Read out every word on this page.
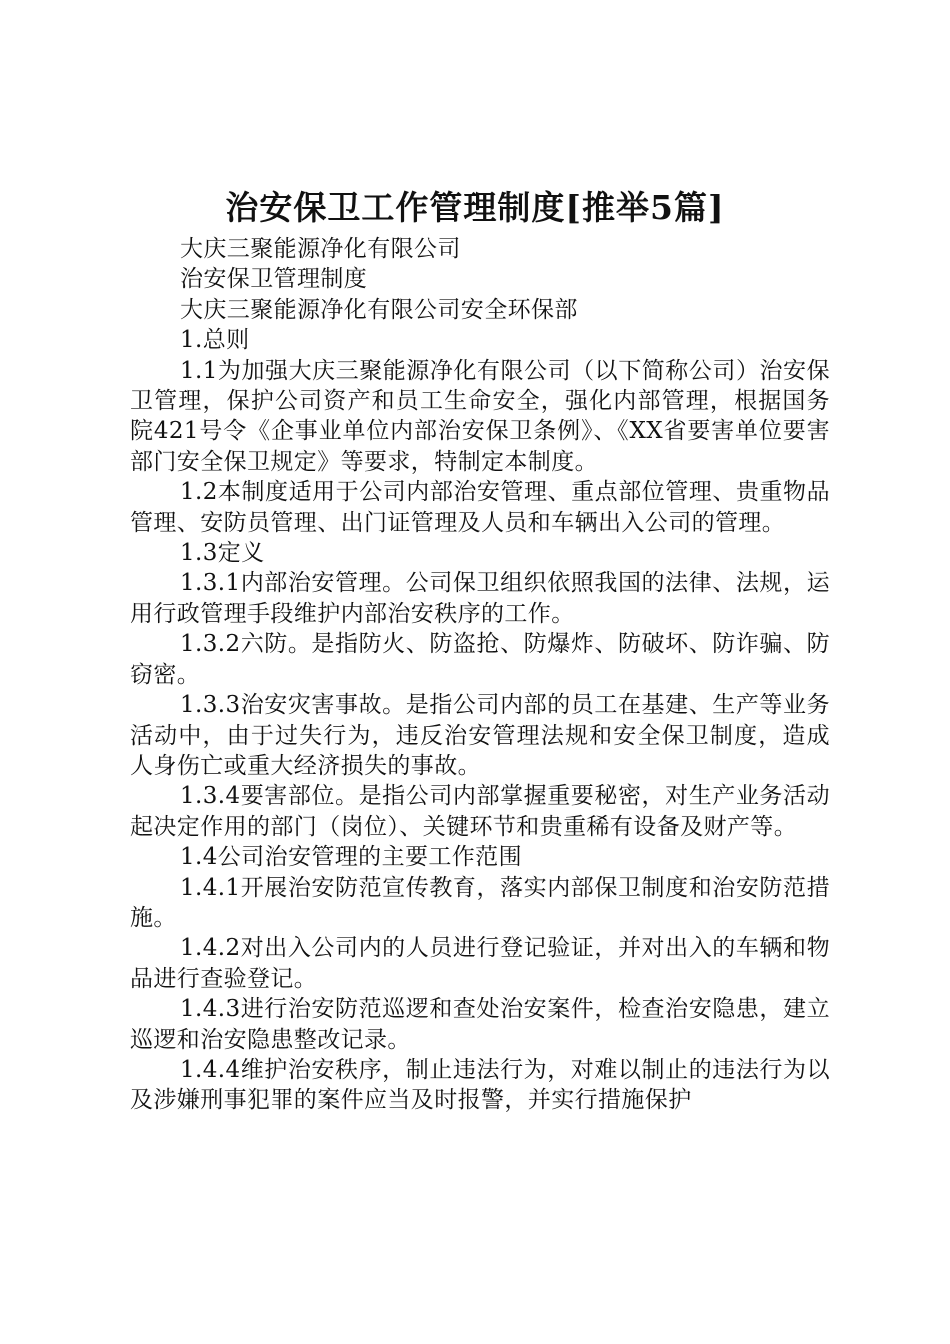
治安保卫工作管理制度[推举5篇]

大庆三聚能源净化有限公司

治安保卫管理制度

大庆三聚能源净化有限公司安全环保部

1.总则

1.1为加强大庆三聚能源净化有限公司（以下简称公司）治安保卫管理，保护公司资产和员工生命安全，强化内部管理，根据国务院421号令《企事业单位内部治安保卫条例》、《XX省要害单位要害部门安全保卫规定》等要求，特制定本制度。

1.2本制度适用于公司内部治安管理、重点部位管理、贵重物品管理、安防员管理、出门证管理及人员和车辆出入公司的管理。

1.3定义

1.3.1内部治安管理。公司保卫组织依照我国的法律、法规，运用行政管理手段维护内部治安秩序的工作。

1.3.2六防。是指防火、防盗抢、防爆炸、防破坏、防诈骗、防窃密。

1.3.3治安灾害事故。是指公司内部的员工在基建、生产等业务活动中，由于过失行为，违反治安管理法规和安全保卫制度，造成人身伤亡或重大经济损失的事故。

1.3.4要害部位。是指公司内部掌握重要秘密，对生产业务活动起决定作用的部门（岗位）、关键环节和贵重稀有设备及财产等。

1.4公司治安管理的主要工作范围

1.4.1开展治安防范宣传教育，落实内部保卫制度和治安防范措施。

1.4.2对出入公司内的人员进行登记验证，并对出入的车辆和物品进行查验登记。

1.4.3进行治安防范巡逻和查处治安案件，检查治安隐患，建立巡逻和治安隐患整改记录。

1.4.4维护治安秩序，制止违法行为，对难以制止的违法行为以及涉嫌刑事犯罪的案件应当及时报警，并实行措施保护
